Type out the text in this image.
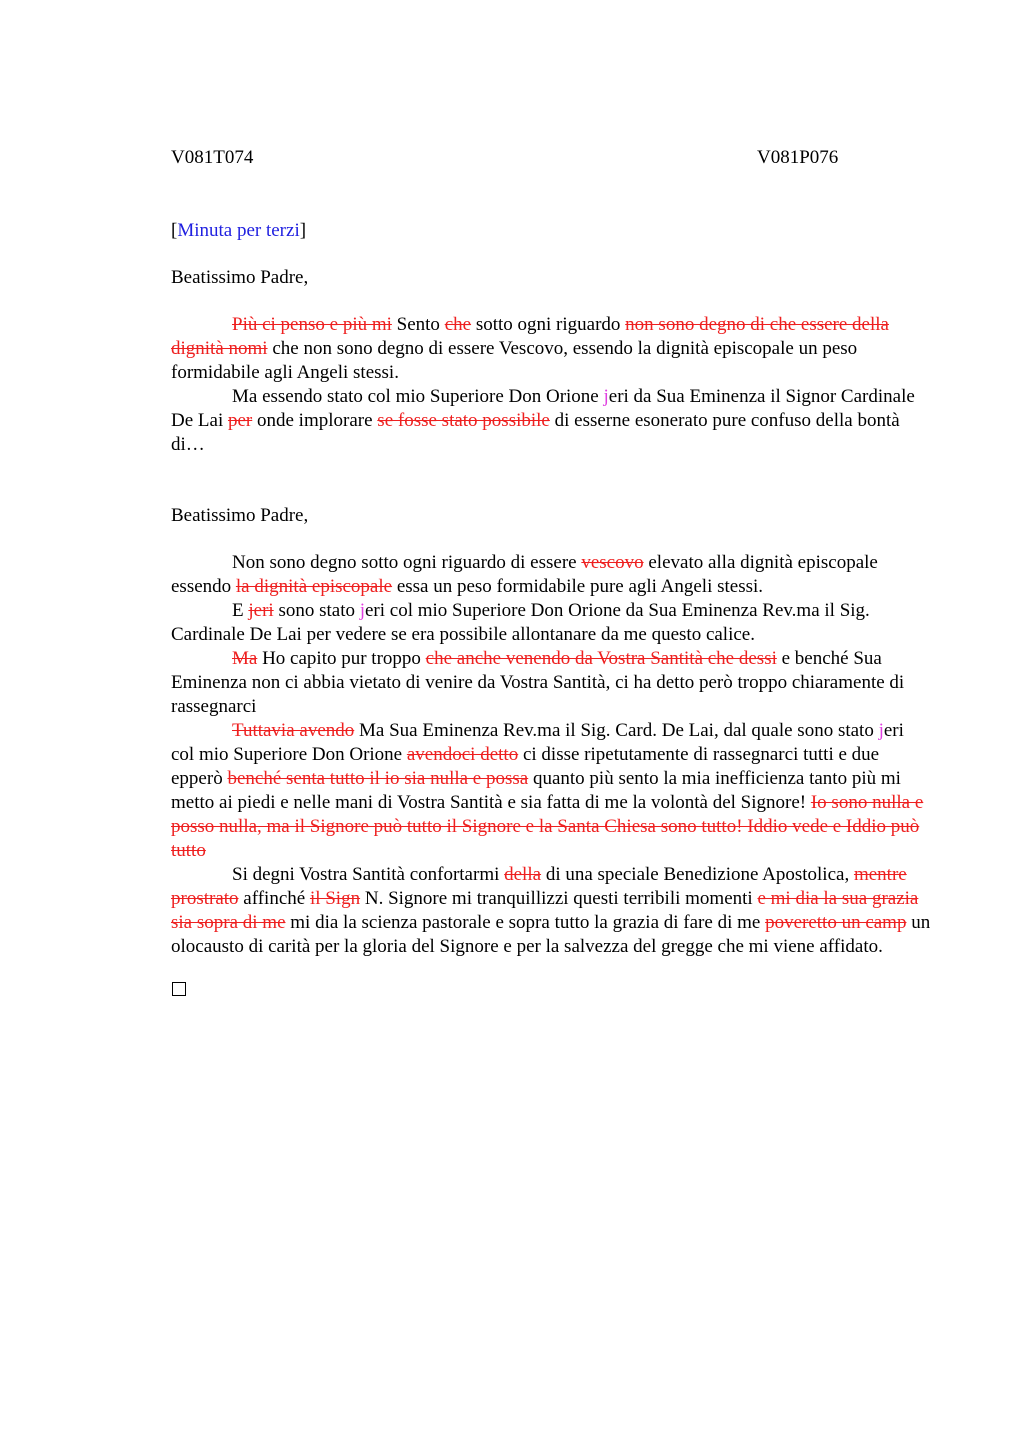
V081T074	V081P076
[Minuta per terzi]
Beatissimo Padre,

Più ci penso e più mi Sento che sotto ogni riguardo non sono degno di che essere della dignità nomi che non sono degno di essere Vescovo, essendo la dignità episcopale un peso formidabile agli Angeli stessi.

Ma essendo stato col mio Superiore Don Orione jeri da Sua Eminenza il Signor Cardinale De Lai per onde implorare se fosse stato possibile di esserne esonerato pure confuso della bontà di…

Beatissimo Padre,

Non sono degno sotto ogni riguardo di essere vescovo elevato alla dignità episcopale essendo la dignità episcopale essa un peso formidabile pure agli Angeli stessi.

E jeri sono stato jeri col mio Superiore Don Orione da Sua Eminenza Rev.ma il Sig. Cardinale De Lai per vedere se era possibile allontanare da me questo calice.

Ma Ho capito pur troppo che anche venendo da Vostra Santità che dessi e benché Sua Eminenza non ci abbia vietato di venire da Vostra Santità, ci ha detto però troppo chiaramente di rassegnarci

Tuttavia avendo Ma Sua Eminenza Rev.ma il Sig. Card. De Lai, dal quale sono stato jeri col mio Superiore Don Orione avendoci detto ci disse ripetutamente di rassegnarci tutti e due epperò benché senta tutto il io sia nulla e possa quanto più sento la mia inefficienza tanto più mi metto ai piedi e nelle mani di Vostra Santità e sia fatta di me la volontà del Signore! Io sono nulla e posso nulla, ma il Signore può tutto il Signore e la Santa Chiesa sono tutto! Iddio vede e Iddio può tutto

Si degni Vostra Santità confortarmi della di una speciale Benedizione Apostolica, mentre prostrato affinché il Sign N. Signore mi tranquillizzi questi terribili momenti e mi dia la sua grazia sia sopra di me mi dia la scienza pastorale e sopra tutto la grazia di fare di me poveretto un camp un olocausto di carità per la gloria del Signore e per la salvezza del gregge che mi viene affidato.
